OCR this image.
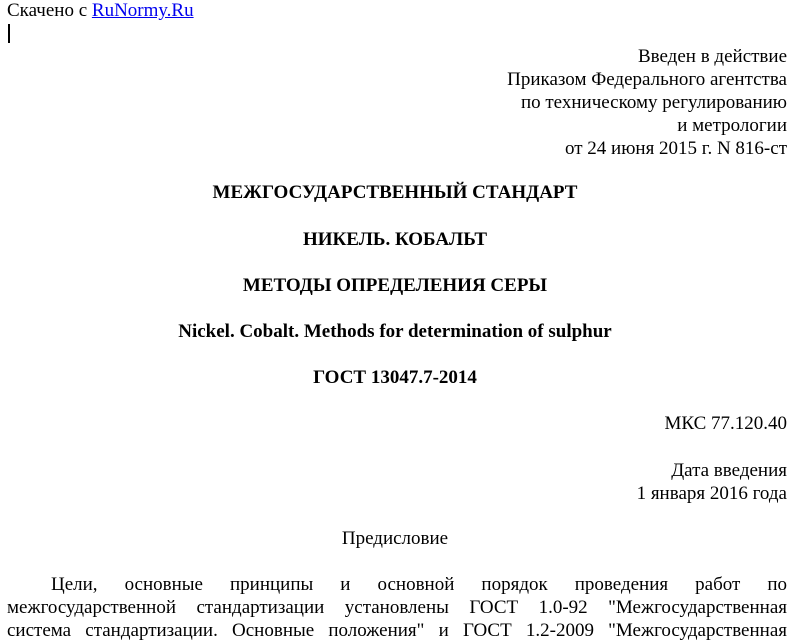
Скачено с RuNormy.Ru
Введен в действие
Приказом Федерального агентства
по техническому регулированию
и метрологии
от 24 июня 2015 г. N 816-ст
МЕЖГОСУДАРСТВЕННЫЙ СТАНДАРТ
НИКЕЛЬ. КОБАЛЬТ
МЕТОДЫ ОПРЕДЕЛЕНИЯ СЕРЫ
Nickel. Cobalt. Methods for determination of sulphur
ГОСТ 13047.7-2014
МКС 77.120.40
Дата введения
1 января 2016 года
Предисловие
Цели, основные принципы и основной порядок проведения работ по
межгосударственной стандартизации установлены ГОСТ 1.0-92 "Межгосударственная
система стандартизации. Основные положения" и ГОСТ 1.2-2009 "Межгосударственная
